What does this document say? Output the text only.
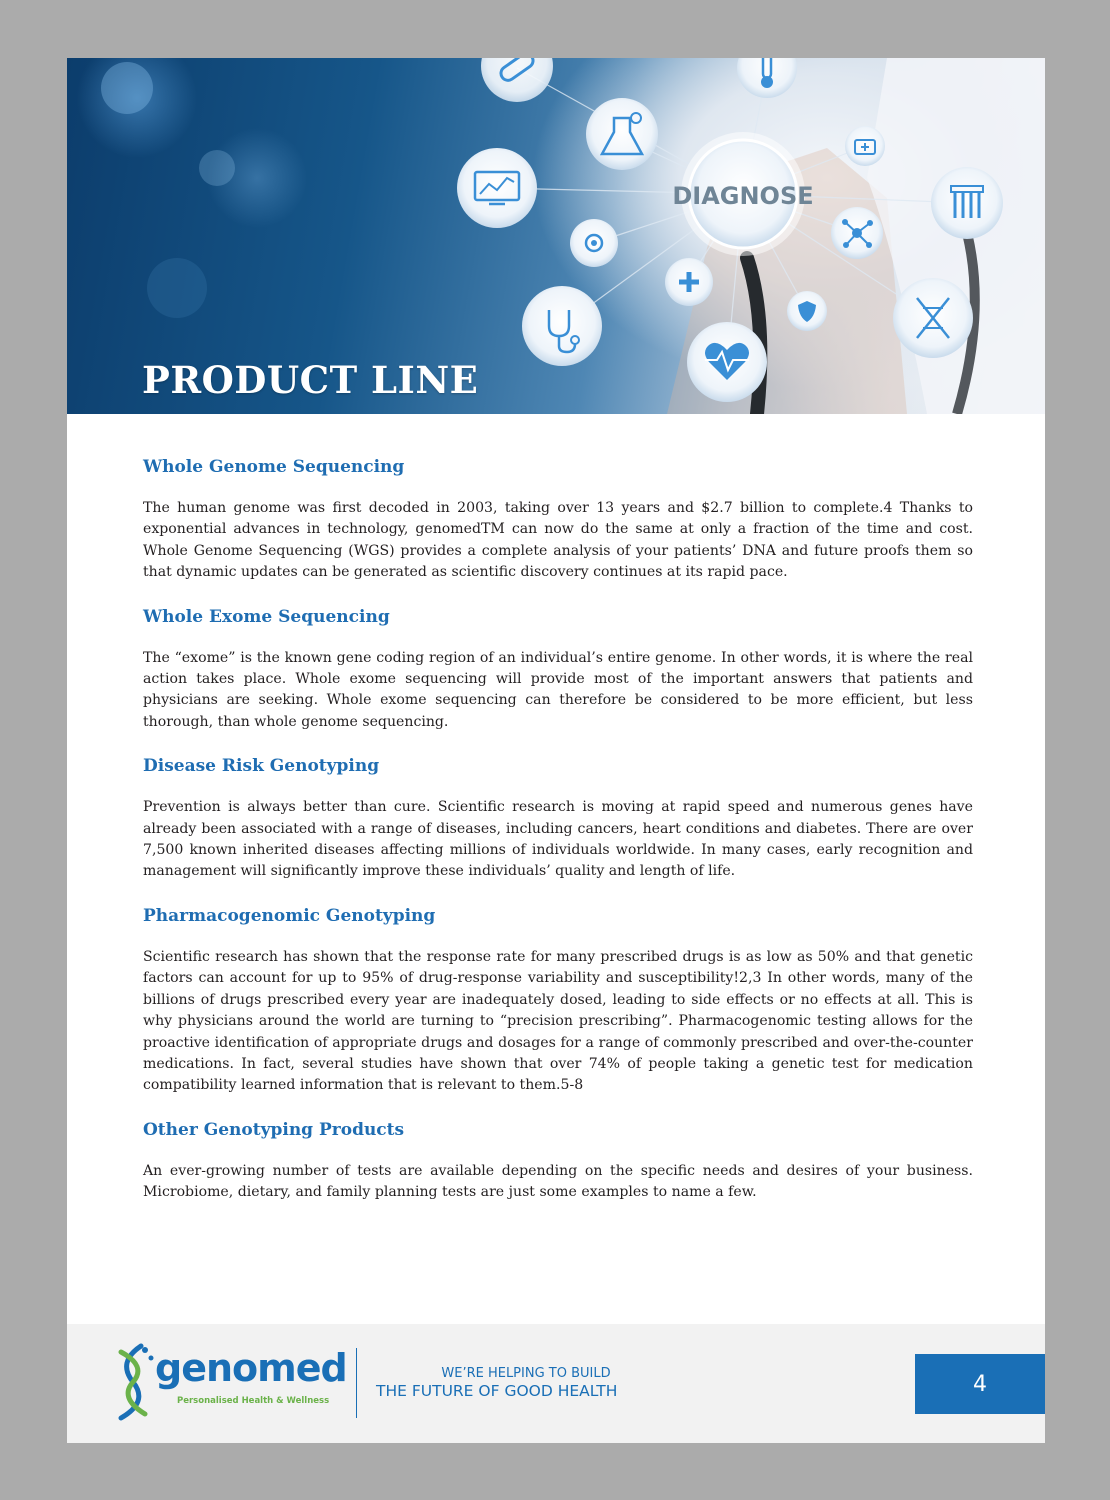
DIAGNOSE
PRODUCT LINE
Whole Genome Sequencing

The human genome was first decoded in 2003, taking over 13 years and $2.7 billion to complete.4 Thanks to exponential advances in technology, genomedTM can now do the same at only a fraction of the time and cost. Whole Genome Sequencing (WGS) provides a complete analysis of your patients’ DNA and future proofs them so that dynamic updates can be generated as scientific discovery continues at its rapid pace.

Whole Exome Sequencing

The “exome” is the known gene coding region of an individual’s entire genome. In other words, it is where the real action takes place. Whole exome sequencing will provide most of the important answers that patients and physicians are seeking. Whole exome sequencing can therefore be considered to be more efficient, but less thorough, than whole genome sequencing.

Disease Risk Genotyping

Prevention is always better than cure. Scientific research is moving at rapid speed and numerous genes have already been associated with a range of diseases, including cancers, heart conditions and diabetes. There are over 7,500 known inherited diseases affecting millions of individuals worldwide. In many cases, early recognition and management will significantly improve these individuals’ quality and length of life.

Pharmacogenomic Genotyping

Scientific research has shown that the response rate for many prescribed drugs is as low as 50% and that genetic factors can account for up to 95% of drug-response variability and susceptibility!2,3 In other words, many of the billions of drugs prescribed every year are inadequately dosed, leading to side effects or no effects at all. This is why physicians around the world are turning to “precision prescribing”. Pharmacogenomic testing allows for the proactive identification of appropriate drugs and dosages for a range of commonly prescribed and over-the-counter medications. In fact, several studies have shown that over 74% of people taking a genetic test for medication compatibility learned information that is relevant to them.5-8

Other Genotyping Products

An ever-growing number of tests are available depending on the specific needs and desires of your business. Microbiome, dietary, and family planning tests are just some examples to name a few.

genomed
Personalised Health & Wellness
WE’RE HELPING TO BUILD
THE FUTURE OF GOOD HEALTH	4
